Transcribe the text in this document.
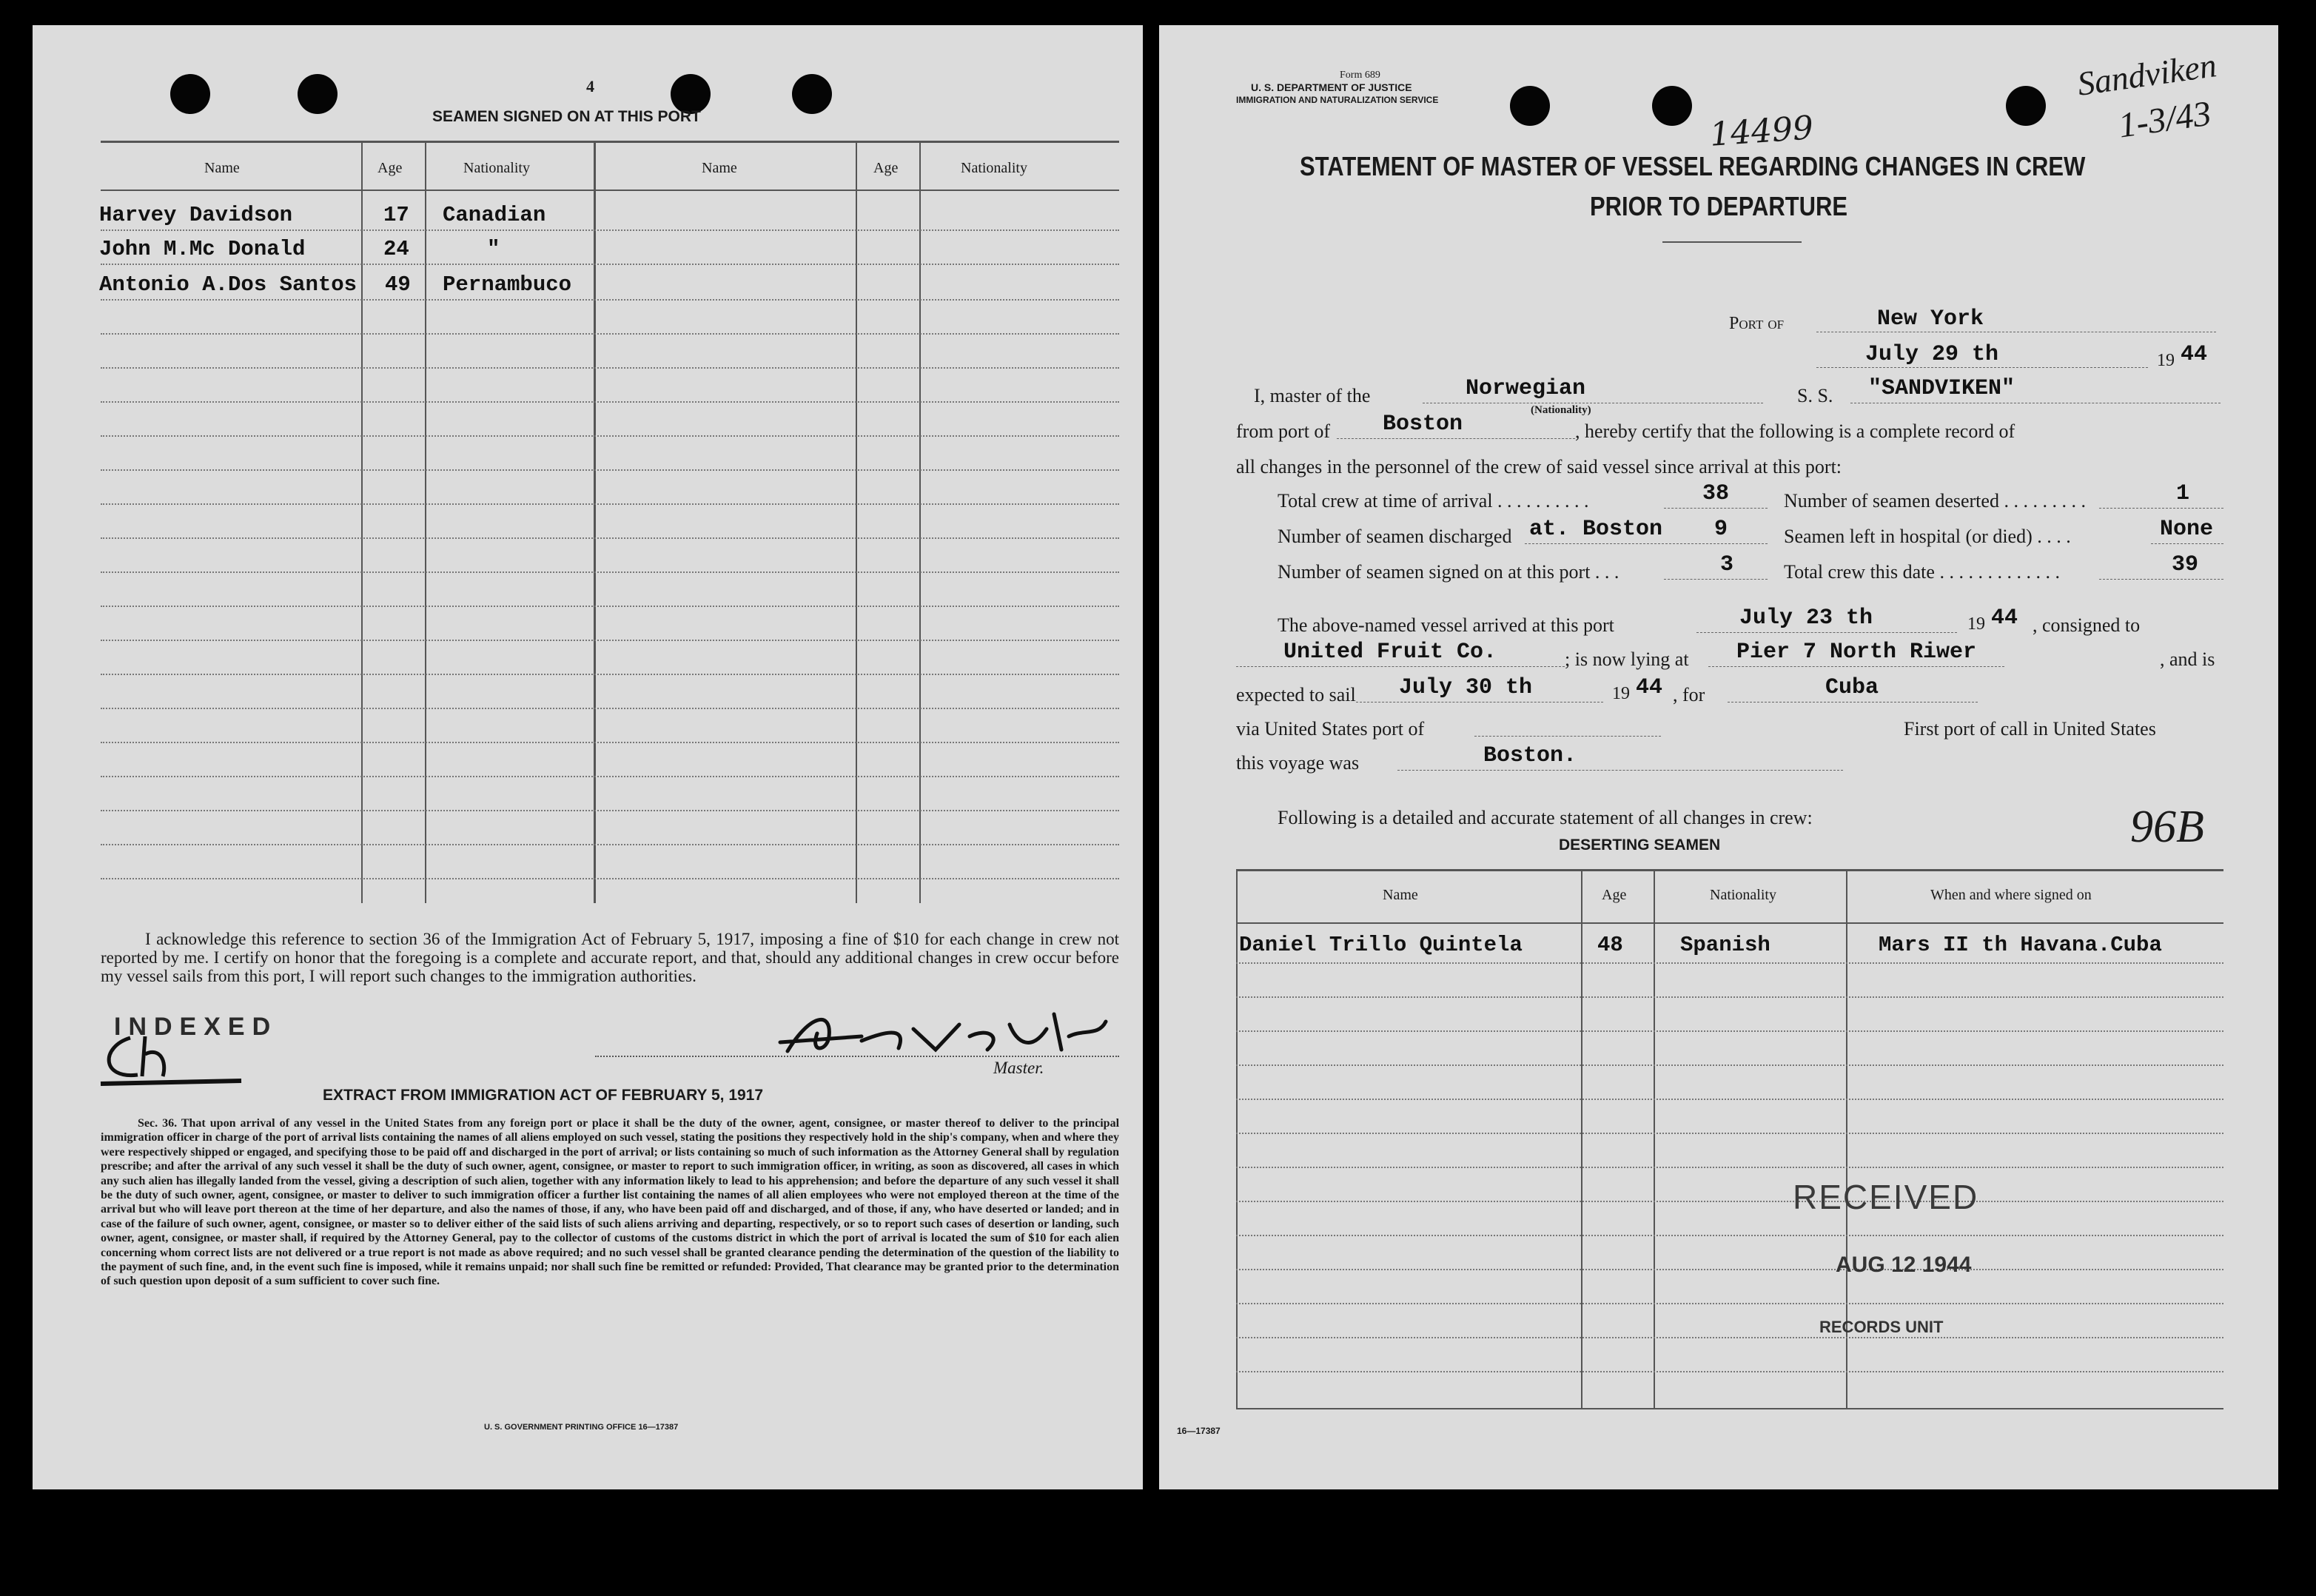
4
SEAMEN SIGNED ON AT THIS PORT
Name	Age	Nationality	Name	Age	Nationality
Harvey Davidson	17 Canadian
John M.Mc Donald	24	"
Antonio A.Dos Santos 49 Pernambuco
I acknowledge this reference to section 36 of the Immigration Act of February 5, 1917, imposing a fine of $10 for each change in crew not reported by me. I certify on honor that the foregoing is a complete and accurate report, and that, should any additional changes in crew occur before my vessel sails from this port, I will report such changes to the immigration authorities.
INDEXED
Master.
EXTRACT FROM IMMIGRATION ACT OF FEBRUARY 5, 1917
Sec. 36. That upon arrival of any vessel in the United States from any foreign port or place it shall be the duty of the owner, agent, consignee, or master thereof to deliver to the principal immigration officer in charge of the port of arrival lists containing the names of all aliens employed on such vessel, stating the positions they respectively hold in the ship's company, when and where they were respectively shipped or engaged, and specifying those to be paid off and discharged in the port of arrival; or lists containing so much of such information as the Attorney General shall by regulation prescribe; and after the arrival of any such vessel it shall be the duty of such owner, agent, consignee, or master to report to such immigration officer, in writing, as soon as discovered, all cases in which any such alien has illegally landed from the vessel, giving a description of such alien, together with any information likely to lead to his apprehension; and before the departure of any such vessel it shall be the duty of such owner, agent, consignee, or master to deliver to such immigration officer a further list containing the names of all alien employees who were not employed thereon at the time of the arrival but who will leave port thereon at the time of her departure, and also the names of those, if any, who have been paid off and discharged, and of those, if any, who have deserted or landed; and in case of the failure of such owner, agent, consignee, or master so to deliver either of the said lists of such aliens arriving and departing, respectively, or so to report such cases of desertion or landing, such owner, agent, consignee, or master shall, if required by the Attorney General, pay to the collector of customs of the customs district in which the port of arrival is located the sum of $10 for each alien concerning whom correct lists are not delivered or a true report is not made as above required; and no such vessel shall be granted clearance pending the determination of the question of the liability to the payment of such fine, and, in the event such fine is imposed, while it remains unpaid; nor shall such fine be remitted or refunded: Provided, That clearance may be granted prior to the determination of such question upon deposit of a sum sufficient to cover such fine.
U. S. GOVERNMENT PRINTING OFFICE 16—17387
Form 689
U. S. DEPARTMENT OF JUSTICE
IMMIGRATION AND NATURALIZATION SERVICE
14499
Sandviken
1-3/43
STATEMENT OF MASTER OF VESSEL REGARDING CHANGES IN CREW
PRIOR TO DEPARTURE
Port of	New York
July 29 th	19 44
I, master of the	Norwegian
(Nationality)
S. S. "SANDVIKEN"
from port of Boston	, hereby certify that the following is a complete record of
all changes in the personnel of the crew of said vessel since arrival at this port:
Total crew at time of arrival . . . . . . . . . .	38	Number of seamen deserted . . . . . . . . .	1
Number of seamen discharged at. Boston 9	Seamen left in hospital (or died) . . . .	None
Number of seamen signed on at this port . . .	3	Total crew this date . . . . . . . . . . . . .	39
The above-named vessel arrived at this port	July 23 th	19 44 , consigned to
United Fruit Co.	; is now lying at Pier 7 North Riwer	, and is
expected to sail July 30 th	19 44 , for	Cuba
via United States port of	First port of call in United States
this voyage was	Boston.
Following is a detailed and accurate statement of all changes in crew:	96B
DESERTING SEAMEN
Name	Age	Nationality	When and where signed on
Daniel Trillo Quintela	48	Spanish	Mars II th Havana.Cuba
RECEIVED
AUG 12 1944
RECORDS UNIT
16—17387
